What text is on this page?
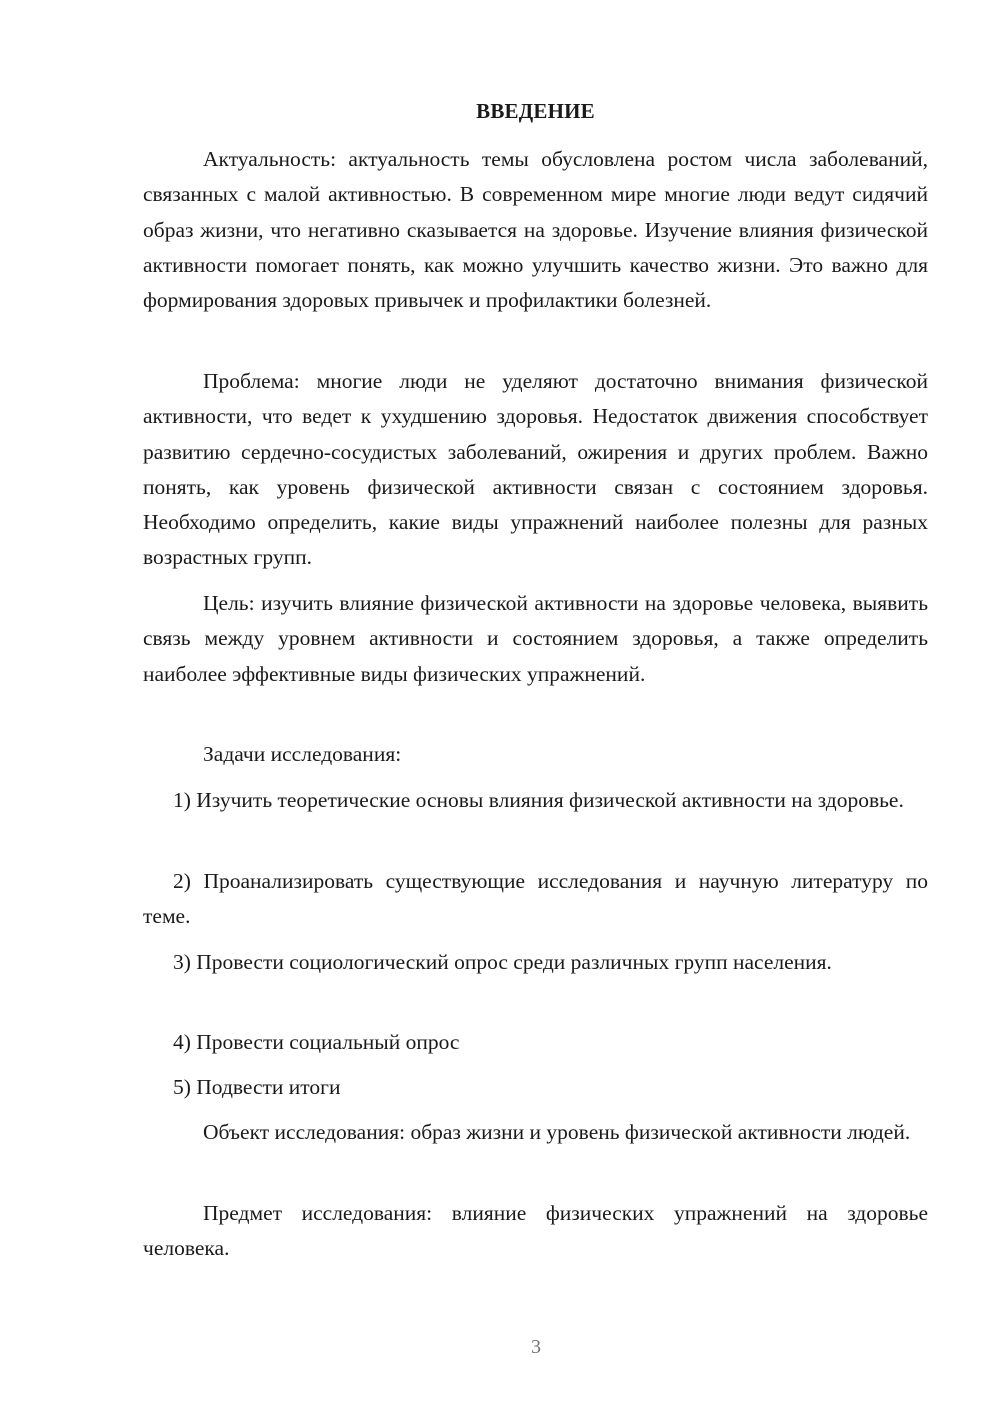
ВВЕДЕНИЕ

Актуальность: актуальность темы обусловлена ростом числа заболеваний, связанных с малой активностью. В современном мире многие люди ведут сидячий образ жизни, что негативно сказывается на здоровье. Изучение влияния физической активности помогает понять, как можно улучшить качество жизни. Это важно для формирования здоровых привычек и профилактики болезней.

Проблема: многие люди не уделяют достаточно внимания физической активности, что ведет к ухудшению здоровья. Недостаток движения способствует развитию сердечно-сосудистых заболеваний, ожирения и других проблем. Важно понять, как уровень физической активности связан с состоянием здоровья. Необходимо определить, какие виды упражнений наиболее полезны для разных возрастных групп.

Цель: изучить влияние физической активности на здоровье человека, выявить связь между уровнем активности и состоянием здоровья, а также определить наиболее эффективные виды физических упражнений.

Задачи исследования:

1) Изучить теоретические основы влияния физической активности на здоровье.

2) Проанализировать существующие исследования и научную литературу по теме.

3) Провести социологический опрос среди различных групп населения.

4) Провести социальный опрос

5) Подвести итоги

Объект исследования: образ жизни и уровень физической активности людей.

Предмет исследования: влияние физических упражнений на здоровье человека.

3
